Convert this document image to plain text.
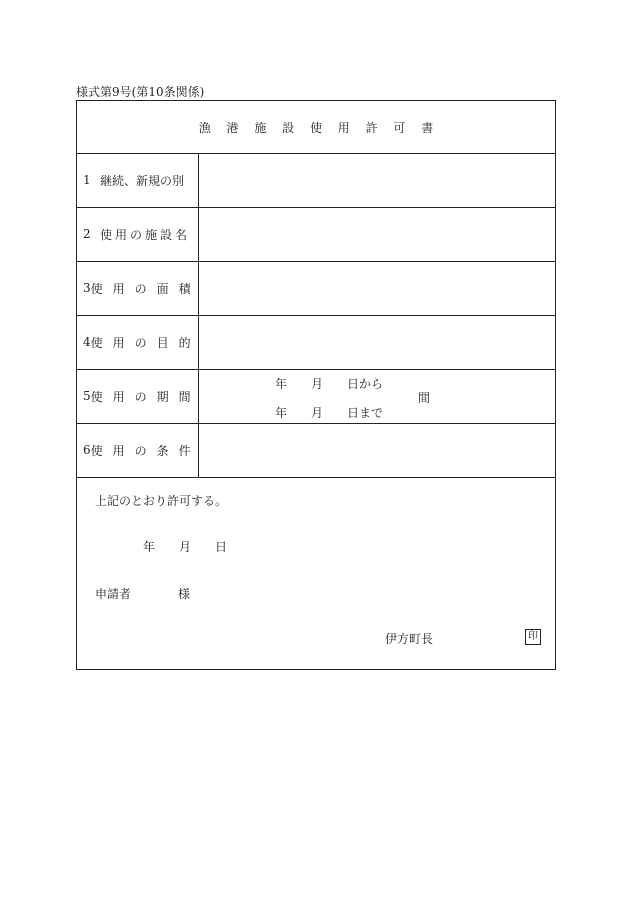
様式第9号(第10条関係)
漁 港 施 設 使 用 許 可 書
1 継続、新規の別
2 使用の施設名
3 使用の面積
4 使用の目的
5 使用の期間
年 月 日から
間
年 月 日まで
6 使用の条件
上記のとおり許可する。
年 月 日
申請者	様
伊方町長	印
